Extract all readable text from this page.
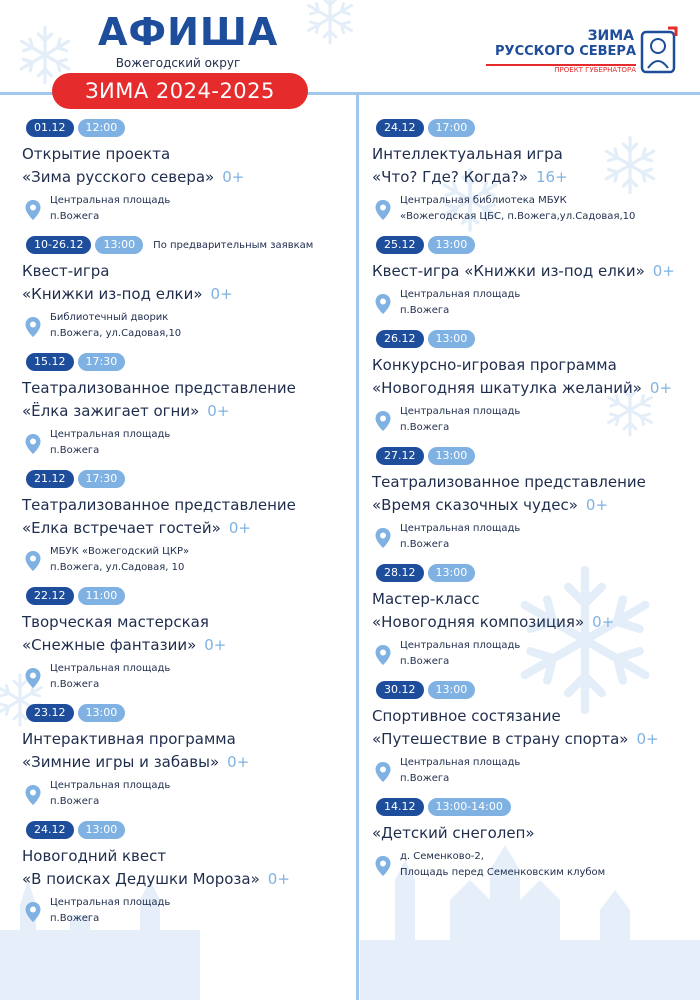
АФИША
Вожегодский округ
ЗИМА 2024-2025
ЗИМА
РУССКОГО СЕВЕРА
ПРОЕКТ ГУБЕРНАТОРА
01.12	12:00
Открытие проекта
«Зима русского севера» 0+
Центральная площадь
п.Вожега
10-26.12	13:00	По предварительным заявкам
Квест-игра
«Книжки из-под елки» 0+
Библиотечный дворик
п.Вожега, ул.Садовая,10
15.12	17:30
Театрализованное представление
«Ёлка зажигает огни» 0+
Центральная площадь
п.Вожега
21.12	17:30
Театрализованное представление
«Елка встречает гостей» 0+
МБУК «Вожегодский ЦКР»
п.Вожега, ул.Садовая, 10
22.12	11:00
Творческая мастерская
«Снежные фантазии» 0+
Центральная площадь
п.Вожега
23.12	13:00
Интерактивная программа
«Зимние игры и забавы» 0+
Центральная площадь
п.Вожега
24.12	13:00
Новогодний квест
«В поисках Дедушки Мороза» 0+
Центральная площадь
п.Вожега
24.12	17:00
Интеллектуальная игра
«Что? Где? Когда?» 16+
Центральная библиотека МБУК
«Вожегодская ЦБС, п.Вожега,ул.Садовая,10
25.12	13:00
Квест-игра «Книжки из-под елки» 0+
Центральная площадь
п.Вожега
26.12	13:00
Конкурсно-игровая программа
«Новогодняя шкатулка желаний» 0+
Центральная площадь
п.Вожега
27.12	13:00
Театрализованное представление
«Время сказочных чудес» 0+
Центральная площадь
п.Вожега
28.12	13:00
Мастер-класс
«Новогодняя композиция» 0+
Центральная площадь
п.Вожега
30.12	13:00
Спортивное состязание
«Путешествие в страну спорта» 0+
Центральная площадь
п.Вожега
14.12	13:00-14:00
«Детский снеголеп»
д. Семенково-2,
Площадь перед Семенковским клубом
